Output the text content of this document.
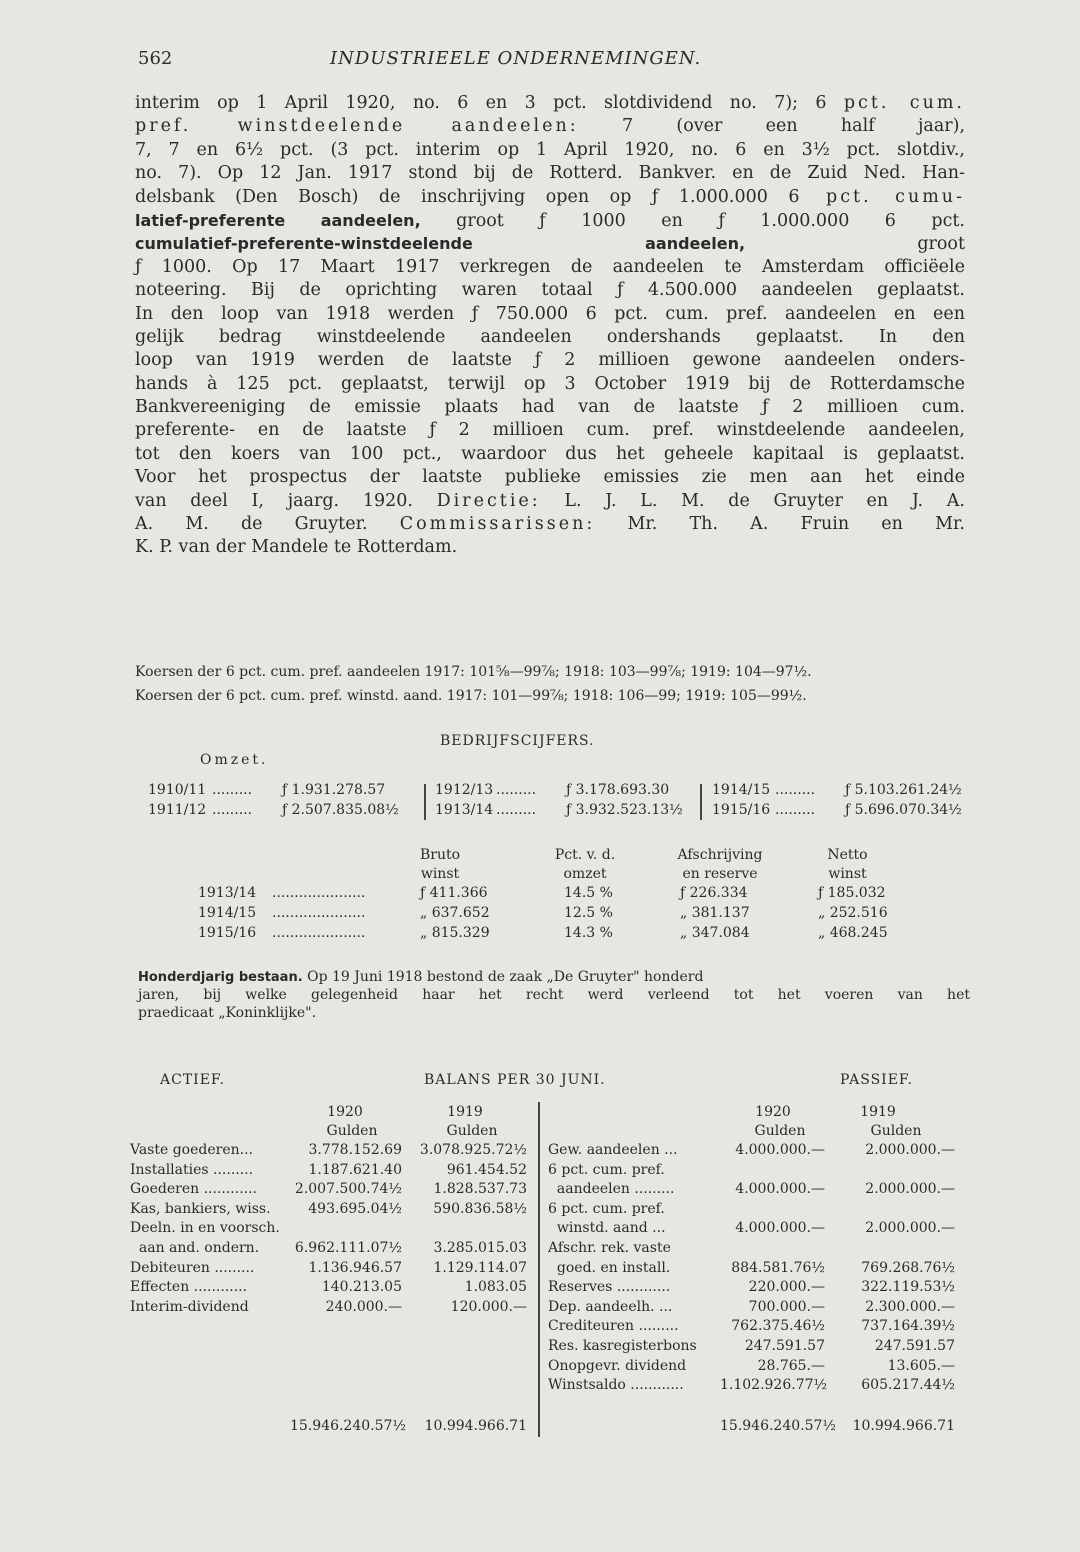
562	INDUSTRIEELE ONDERNEMINGEN.
interim op 1 April 1920, no. 6 en 3 pct. slotdividend no. 7); 6 pct. cum.
pref. winstdeelende aandeelen: 7 (over een half jaar),
7, 7 en 6½ pct. (3 pct. interim op 1 April 1920, no. 6 en 3½ pct. slotdiv.,
no. 7). Op 12 Jan. 1917 stond bij de Rotterd. Bankver. en de Zuid Ned. Han-
delsbank (Den Bosch) de inschrijving open op ƒ 1.000.000 6 pct. cumu-
latief-preferente aandeelen, groot ƒ 1000 en ƒ 1.000.000 6 pct.
cumulatief-preferente-winstdeelende aandeelen, groot
ƒ 1000. Op 17 Maart 1917 verkregen de aandeelen te Amsterdam officiëele
noteering. Bij de oprichting waren totaal ƒ 4.500.000 aandeelen geplaatst.
In den loop van 1918 werden ƒ 750.000 6 pct. cum. pref. aandeelen en een
gelijk bedrag winstdeelende aandeelen ondershands geplaatst. In den
loop van 1919 werden de laatste ƒ 2 millioen gewone aandeelen onders-
hands à 125 pct. geplaatst, terwijl op 3 October 1919 bij de Rotterdamsche
Bankvereeniging de emissie plaats had van de laatste ƒ 2 millioen cum.
preferente- en de laatste ƒ 2 millioen cum. pref. winstdeelende aandeelen,
tot den koers van 100 pct., waardoor dus het geheele kapitaal is geplaatst.
Voor het prospectus der laatste publieke emissies zie men aan het einde
van deel I, jaarg. 1920. Directie: L. J. L. M. de Gruyter en J. A.
A. M. de Gruyter. Commissarissen: Mr. Th. A. Fruin en Mr.
K. P. van der Mandele te Rotterdam.
Koersen der 6 pct. cum. pref. aandeelen 1917: 101⅝—99⅞; 1918: 103—99⅞; 1919: 104—97½.
Koersen der 6 pct. cum. pref. winstd. aand. 1917: 101—99⅞; 1918: 106—99; 1919: 105—99½.
BEDRIJFSCIJFERS.
Omzet.
1910/11 ......... ƒ 1.931.278.57
1911/12 ......... ƒ 2.507.835.08½
1912/13 ......... ƒ 3.178.693.30
1913/14 ......... ƒ 3.932.523.13½
1914/15 ......... ƒ 5.103.261.24½
1915/16 ......... ƒ 5.696.070.34½
Bruto
winst
Pct. v. d.
omzet
Afschrijving
en reserve
Netto
winst
1913/14 .....................	ƒ 411.366	14.5 %	ƒ 226.334	ƒ 185.032
1914/15 .....................	„ 637.652	12.5 %	„ 381.137	„ 252.516
1915/16 .....................	„ 815.329	14.3 %	„ 347.084	„ 468.245
Honderdjarig bestaan. Op 19 Juni 1918 bestond de zaak „De Gruyter" honderd
jaren, bij welke gelegenheid haar het recht werd verleend tot het voeren van het
praedicaat „Koninklijke".
ACTIEF.	BALANS PER 30 JUNI.	PASSIEF.
1920	1919	1920	1919
Gulden	Gulden	Gulden	Gulden
Vaste goederen...	3.778.152.69	3.078.925.72½
Installaties .........	1.187.621.40	961.454.52
Goederen ............	2.007.500.74½	1.828.537.73
Kas, bankiers, wiss.	493.695.04½	590.836.58½
Deeln. in en voorsch.
aan and. ondern.	6.962.111.07½	3.285.015.03
Debiteuren .........	1.136.946.57	1.129.114.07
Effecten ............	140.213.05	1.083.05
Interim-dividend	240.000.—	120.000.—
Gew. aandeelen ...	4.000.000.—	2.000.000.—
6 pct. cum. pref.
aandeelen .........	4.000.000.—	2.000.000.—
6 pct. cum. pref.
winstd. aand ...	4.000.000.—	2.000.000.—
Afschr. rek. vaste
goed. en install.	884.581.76½	769.268.76½
Reserves ............	220.000.—	322.119.53½
Dep. aandeelh. ...	700.000.—	2.300.000.—
Crediteuren .........	762.375.46½	737.164.39½
Res. kasregisterbons	247.591.57	247.591.57
Onopgevr. dividend	28.765.—	13.605.—
Winstsaldo ............	1.102.926.77½	605.217.44½
15.946.240.57½	10.994.966.71	15.946.240.57½	10.994.966.71
